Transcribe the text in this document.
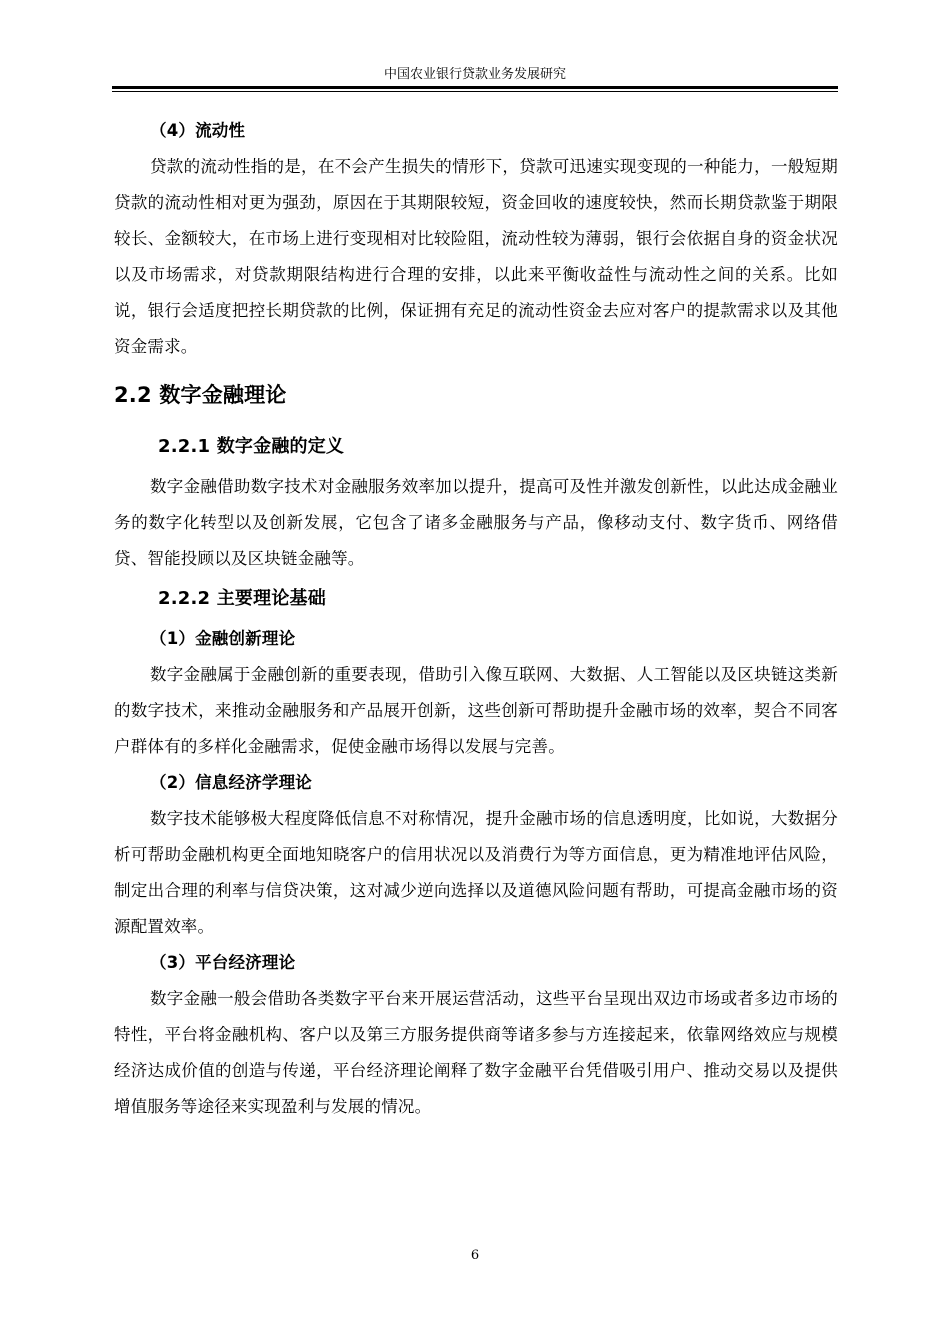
中国农业银行贷款业务发展研究

（4）流动性

贷款的流动性指的是，在不会产生损失的情形下，贷款可迅速实现变现的一种能力，一般短期贷款的流动性相对更为强劲，原因在于其期限较短，资金回收的速度较快，然而长期贷款鉴于期限较长、金额较大，在市场上进行变现相对比较险阻，流动性较为薄弱，银行会依据自身的资金状况以及市场需求，对贷款期限结构进行合理的安排，以此来平衡收益性与流动性之间的关系。比如说，银行会适度把控长期贷款的比例，保证拥有充足的流动性资金去应对客户的提款需求以及其他资金需求。

2.2 数字金融理论
2.2.1 数字金融的定义

数字金融借助数字技术对金融服务效率加以提升，提高可及性并激发创新性，以此达成金融业务的数字化转型以及创新发展，它包含了诸多金融服务与产品，像移动支付、数字货币、网络借贷、智能投顾以及区块链金融等。

2.2.2 主要理论基础

（1）金融创新理论

数字金融属于金融创新的重要表现，借助引入像互联网、大数据、人工智能以及区块链这类新的数字技术，来推动金融服务和产品展开创新，这些创新可帮助提升金融市场的效率，契合不同客户群体有的多样化金融需求，促使金融市场得以发展与完善。

（2）信息经济学理论

数字技术能够极大程度降低信息不对称情况，提升金融市场的信息透明度，比如说，大数据分析可帮助金融机构更全面地知晓客户的信用状况以及消费行为等方面信息，更为精准地评估风险，制定出合理的利率与信贷决策，这对减少逆向选择以及道德风险问题有帮助，可提高金融市场的资源配置效率。

（3）平台经济理论

数字金融一般会借助各类数字平台来开展运营活动，这些平台呈现出双边市场或者多边市场的特性，平台将金融机构、客户以及第三方服务提供商等诸多参与方连接起来，依靠网络效应与规模经济达成价值的创造与传递，平台经济理论阐释了数字金融平台凭借吸引用户、推动交易以及提供增值服务等途径来实现盈利与发展的情况。

6
